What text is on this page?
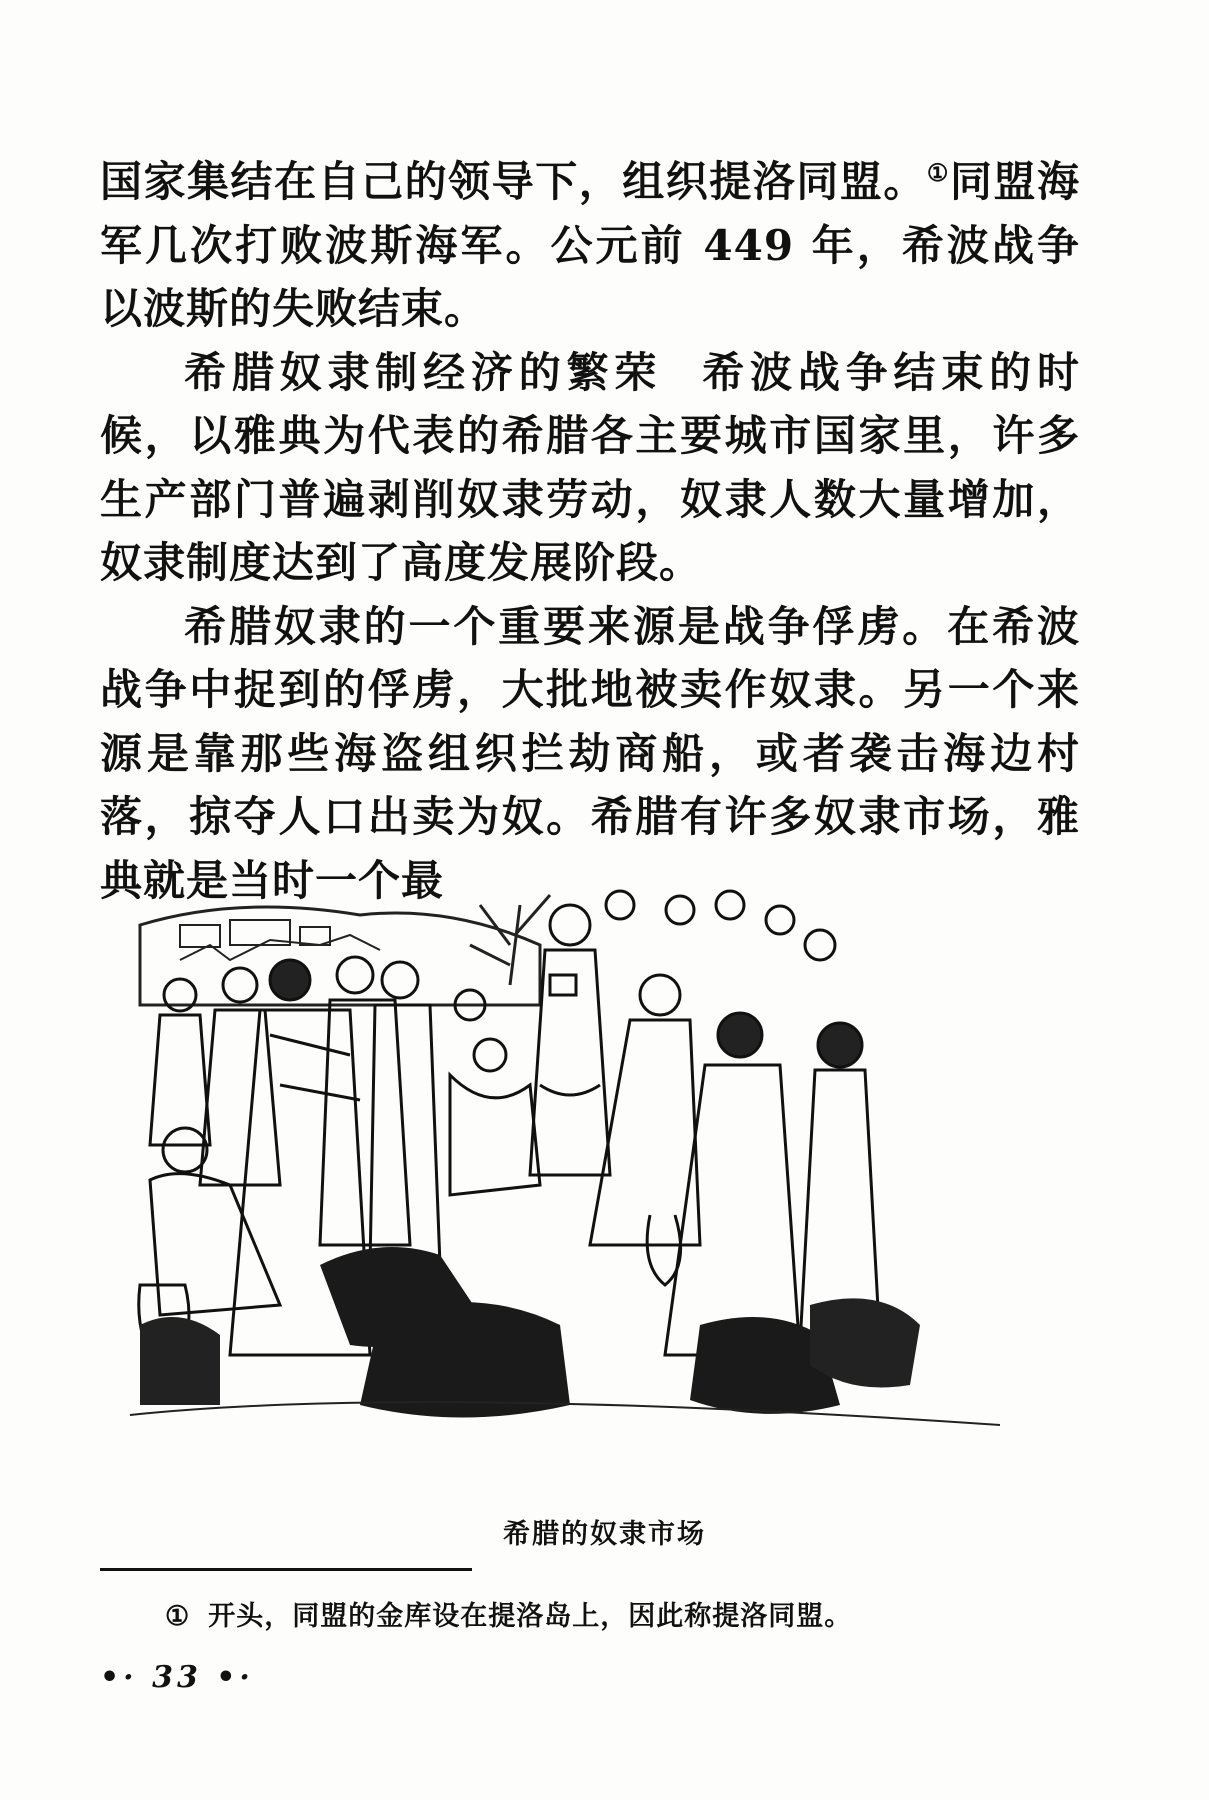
国家集结在自己的领导下，组织提洛同盟。①同盟海军几次打败波斯海军。公元前 449 年，希波战争以波斯的失败结束。

希腊奴隶制经济的繁荣 希波战争结束的时候，以雅典为代表的希腊各主要城市国家里，许多生产部门普遍剥削奴隶劳动，奴隶人数大量增加，奴隶制度达到了高度发展阶段。

希腊奴隶的一个重要来源是战争俘虏。在希波战争中捉到的俘虏，大批地被卖作奴隶。另一个来源是靠那些海盗组织拦劫商船，或者袭击海边村落，掠夺人口出卖为奴。希腊有许多奴隶市场，雅典就是当时一个最

希腊的奴隶市场
① 开头，同盟的金库设在提洛岛上，因此称提洛同盟。
•· 33 •·
